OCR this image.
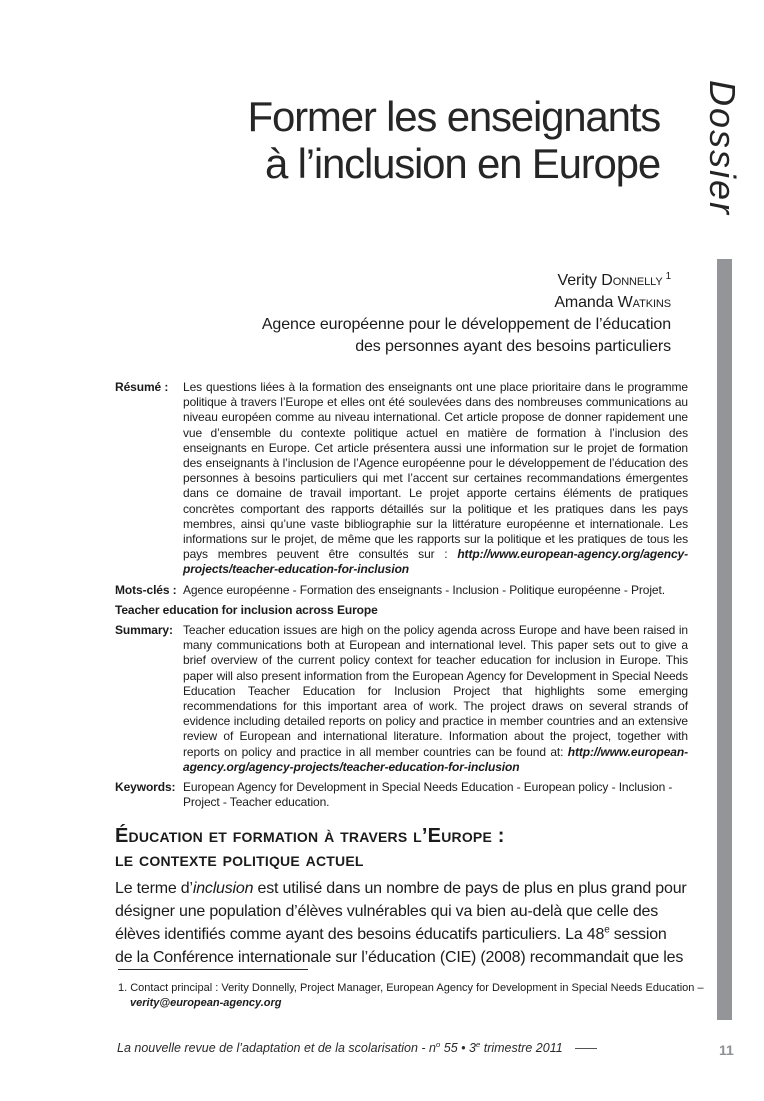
Former les enseignants
à l’inclusion en Europe Dossier
Verity Donnelly $^1$
Amanda Watkins
Agence européenne pour le développement de l’éducation
des personnes ayant des besoins particuliers
Résumé :	Les questions liées à la formation des enseignants ont une place prioritaire dans le programme politique à travers l’Europe et elles ont été soulevées dans des nombreuses communications au niveau européen comme au niveau international. Cet article propose de donner rapidement une vue d’ensemble du contexte politique actuel en matière de formation à l’inclusion des enseignants en Europe. Cet article présentera aussi une information sur le projet de formation des enseignants à l’inclusion de l’Agence européenne pour le développement de l’éducation des personnes à besoins particuliers qui met l’accent sur certaines recommandations émergentes dans ce domaine de travail important. Le projet apporte certains éléments de pratiques concrètes comportant des rapports détaillés sur la politique et les pratiques dans les pays membres, ainsi qu’une vaste bibliographie sur la littérature européenne et internationale. Les informations sur le projet, de même que les rapports sur la politique et les pratiques de tous les pays membres peuvent être consultés sur : http://www.european-agency.org/agency-projects/teacher-education-for-inclusion
Mots-clés : Agence européenne - Formation des enseignants - Inclusion - Politique européenne - Projet.
Teacher education for inclusion across Europe
Summary: Teacher education issues are high on the policy agenda across Europe and have been raised in many communications both at European and international level. This paper sets out to give a brief overview of the current policy context for teacher education for inclusion in Europe. This paper will also present information from the European Agency for Development in Special Needs Education Teacher Education for Inclusion Project that highlights some emerging recommendations for this important area of work. The project draws on several strands of evidence including detailed reports on policy and practice in member countries and an extensive review of European and international literature. Information about the project, together with reports on policy and practice in all member countries can be found at: http://www.european-agency.org/agency-projects/teacher-education-for-inclusion
Keywords: European Agency for Development in Special Needs Education - European policy - Inclusion - Project - Teacher education.
Éducation et formation à travers l’Europe :
le contexte politique actuel
Le terme d’inclusion est utilisé dans un nombre de pays de plus en plus grand pour désigner une population d’élèves vulnérables qui va bien au-delà que celle des élèves identifiés comme ayant des besoins éducatifs particuliers. La 48e session de la Conférence internationale sur l’éducation (CIE) (2008) recommandait que les
1. Contact principal : Verity Donnelly, Project Manager, European Agency for Development in Special Needs Education – verity@european-agency.org
La nouvelle revue de l’adaptation et de la scolarisation - $n^o$ 55 • 3e trimestre 2011	11
